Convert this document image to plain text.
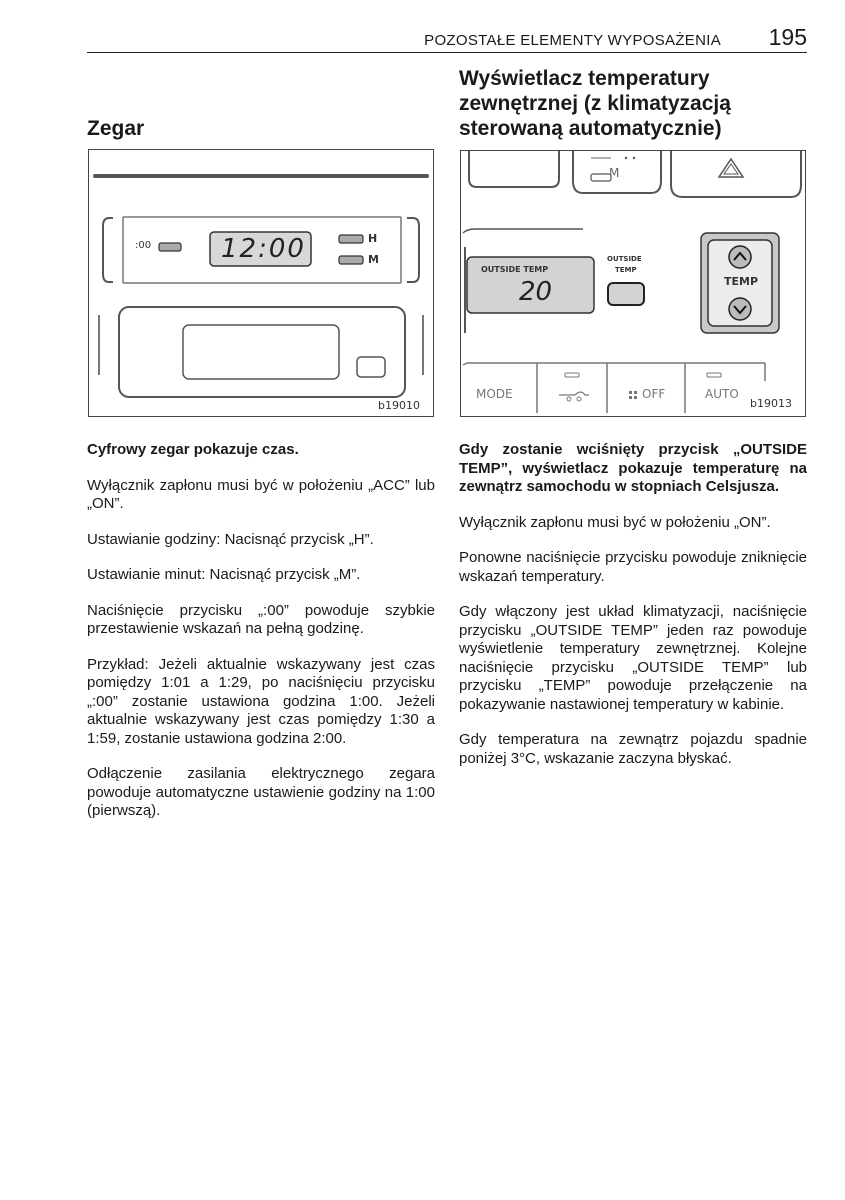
POZOSTAŁE ELEMENTY WYPOSAŻENIA 195
Zegar
Wyświetlacz temperatury zewnętrznej (z klimatyzacją sterowaną automatycznie)
:00	12:00	H
M
b19010
M
OUTSIDE TEMP
20
OUTSIDE
TEMP
TEMP
MODE	OFF	AUTO
b19013

Cyfrowy zegar pokazuje czas.

Wyłącznik zapłonu musi być w położeniu „ACC” lub „ON”.

Ustawianie godziny: Nacisnąć przycisk „H”.

Ustawianie minut: Nacisnąć przycisk „M”.

Naciśnięcie przycisku „:00” powoduje szybkie przestawienie wskazań na pełną godzinę.

Przykład: Jeżeli aktualnie wskazywany jest czas pomiędzy 1:01 a 1:29, po naciśnięciu przycisku „:00” zostanie ustawiona godzina 1:00. Jeżeli aktualnie wskazywany jest czas pomiędzy 1:30 a 1:59, zostanie ustawiona godzina 2:00.

Odłączenie zasilania elektrycznego zegara powoduje automatyczne ustawienie godziny na 1:00 (pierwszą).

Gdy zostanie wciśnięty przycisk „OUTSIDE TEMP”, wyświetlacz pokazuje temperaturę na zewnątrz samochodu w stopniach Celsjusza.

Wyłącznik zapłonu musi być w położeniu „ON”.

Ponowne naciśnięcie przycisku powoduje zniknięcie wskazań temperatury.

Gdy włączony jest układ klimatyzacji, naciśnięcie przycisku „OUTSIDE TEMP” jeden raz powoduje wyświetlenie temperatury zewnętrznej. Kolejne naciśnięcie przycisku „OUTSIDE TEMP” lub przycisku „TEMP” powoduje przełączenie na pokazywanie nastawionej temperatury w kabinie.

Gdy temperatura na zewnątrz pojazdu spadnie poniżej 3°C, wskazanie zaczyna błyskać.
